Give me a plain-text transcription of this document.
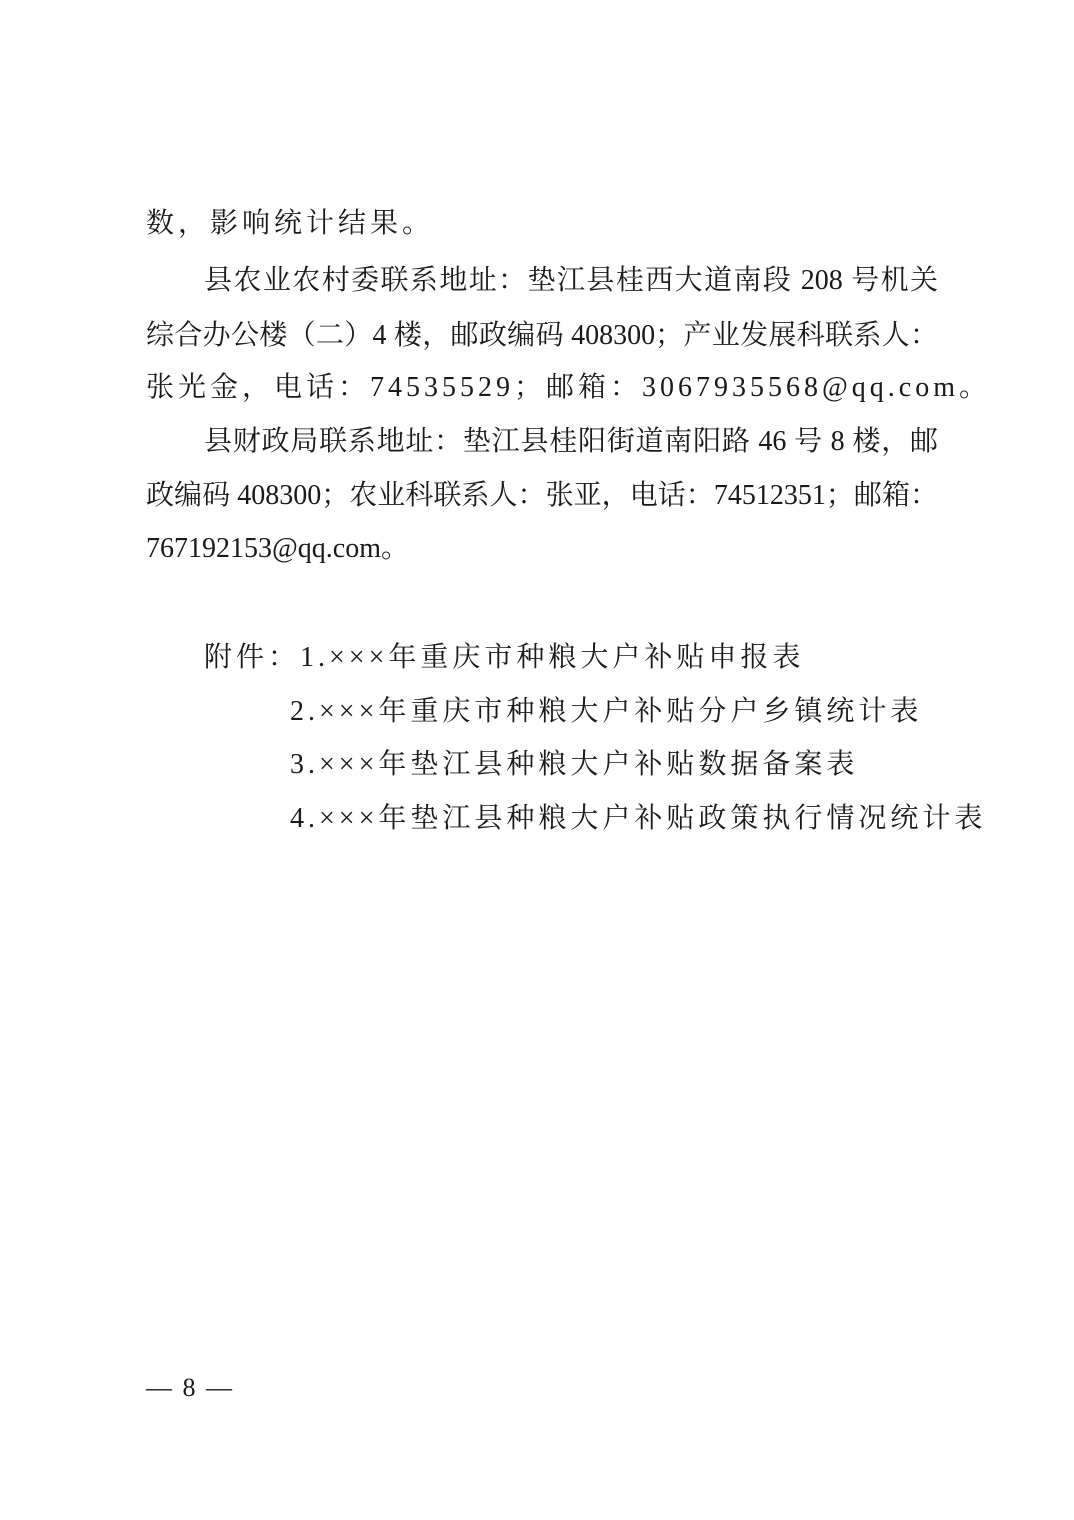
数，影响统计结果。
县农业农村委联系地址：垫江县桂西大道南段 208 号机关
综合办公楼（二）4 楼，邮政编码 408300；产业发展科联系人：
张光金，电话：74535529；邮箱：3067935568@qq.com。
县财政局联系地址：垫江县桂阳街道南阳路 46 号 8 楼，邮
政编码 408300；农业科联系人：张亚，电话：74512351；邮箱：
767192153@qq.com。
附件：1.×××年重庆市种粮大户补贴申报表
2.×××年重庆市种粮大户补贴分户乡镇统计表
3.×××年垫江县种粮大户补贴数据备案表
4.×××年垫江县种粮大户补贴政策执行情况统计表
— 8 —
